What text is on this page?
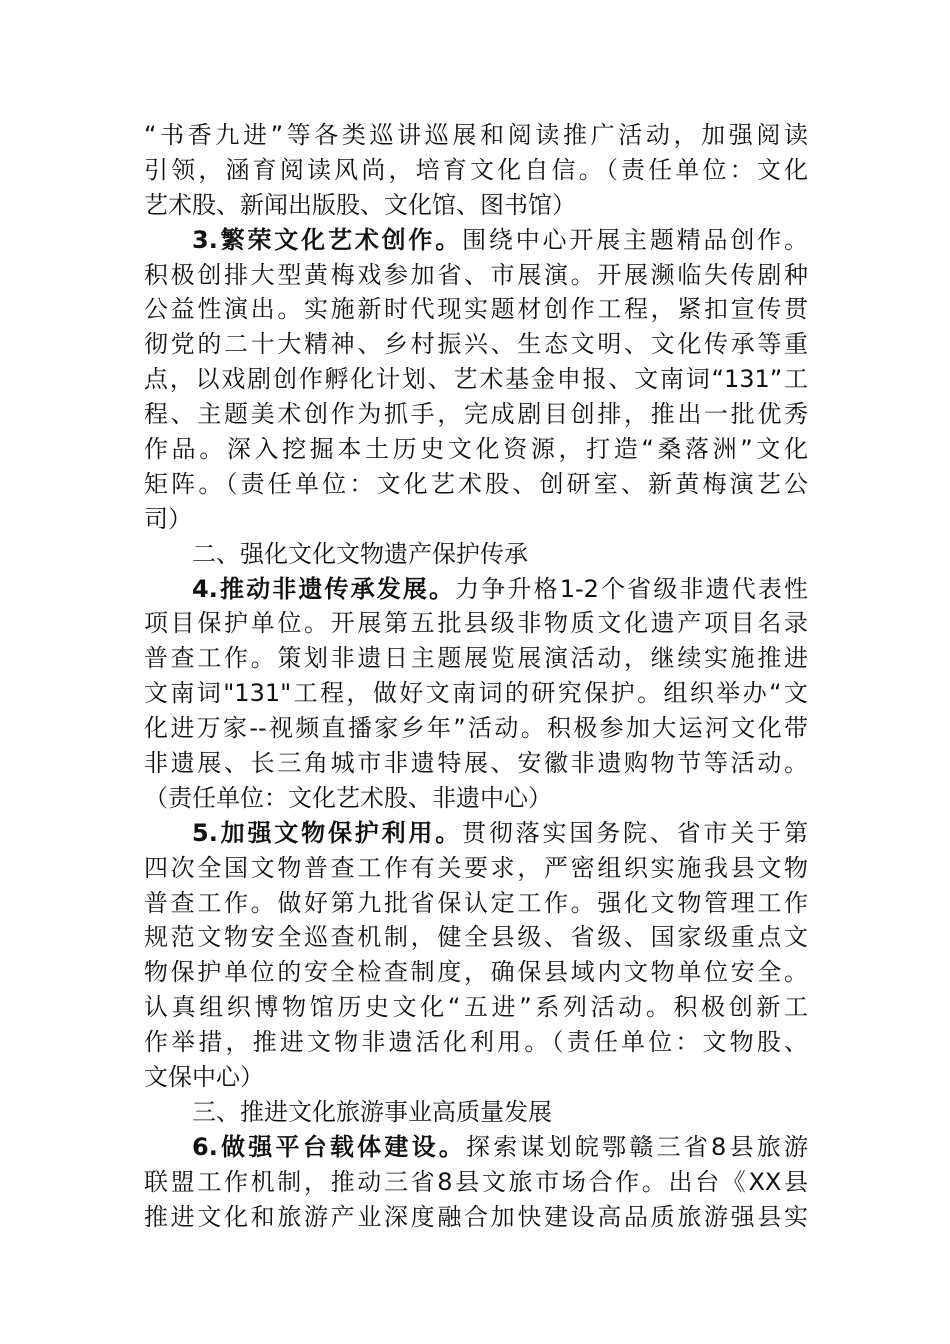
“书香九进”等各类巡讲巡展和阅读推广活动，加强阅读
引领，涵育阅读风尚，培育文化自信。（责任单位：文化
艺术股、新闻出版股、文化馆、图书馆）
3.繁荣文化艺术创作。围绕中心开展主题精品创作。
积极创排大型黄梅戏参加省、市展演。开展濒临失传剧种
公益性演出。实施新时代现实题材创作工程，紧扣宣传贯
彻党的二十大精神、乡村振兴、生态文明、文化传承等重
点，以戏剧创作孵化计划、艺术基金申报、文南词“131”工
程、主题美术创作为抓手，完成剧目创排，推出一批优秀
作品。深入挖掘本土历史文化资源，打造“桑落洲”文化
矩阵。（责任单位：文化艺术股、创研室、新黄梅演艺公
司）
二、强化文化文物遗产保护传承
4.推动非遗传承发展。力争升格1-2个省级非遗代表性
项目保护单位。开展第五批县级非物质文化遗产项目名录
普查工作。策划非遗日主题展览展演活动，继续实施推进
文南词"131"工程，做好文南词的研究保护。组织举办“文
化进万家--视频直播家乡年”活动。积极参加大运河文化带
非遗展、长三角城市非遗特展、安徽非遗购物节等活动。
（责任单位：文化艺术股、非遗中心）
5.加强文物保护利用。贯彻落实国务院、省市关于第
四次全国文物普查工作有关要求，严密组织实施我县文物
普查工作。做好第九批省保认定工作。强化文物管理工作
规范文物安全巡查机制，健全县级、省级、国家级重点文
物保护单位的安全检查制度，确保县域内文物单位安全。
认真组织博物馆历史文化“五进”系列活动。积极创新工
作举措，推进文物非遗活化利用。（责任单位：文物股、
文保中心）
三、推进文化旅游事业高质量发展
6.做强平台载体建设。探索谋划皖鄂赣三省8县旅游
联盟工作机制，推动三省8县文旅市场合作。出台《XX县
推进文化和旅游产业深度融合加快建设高品质旅游强县实
